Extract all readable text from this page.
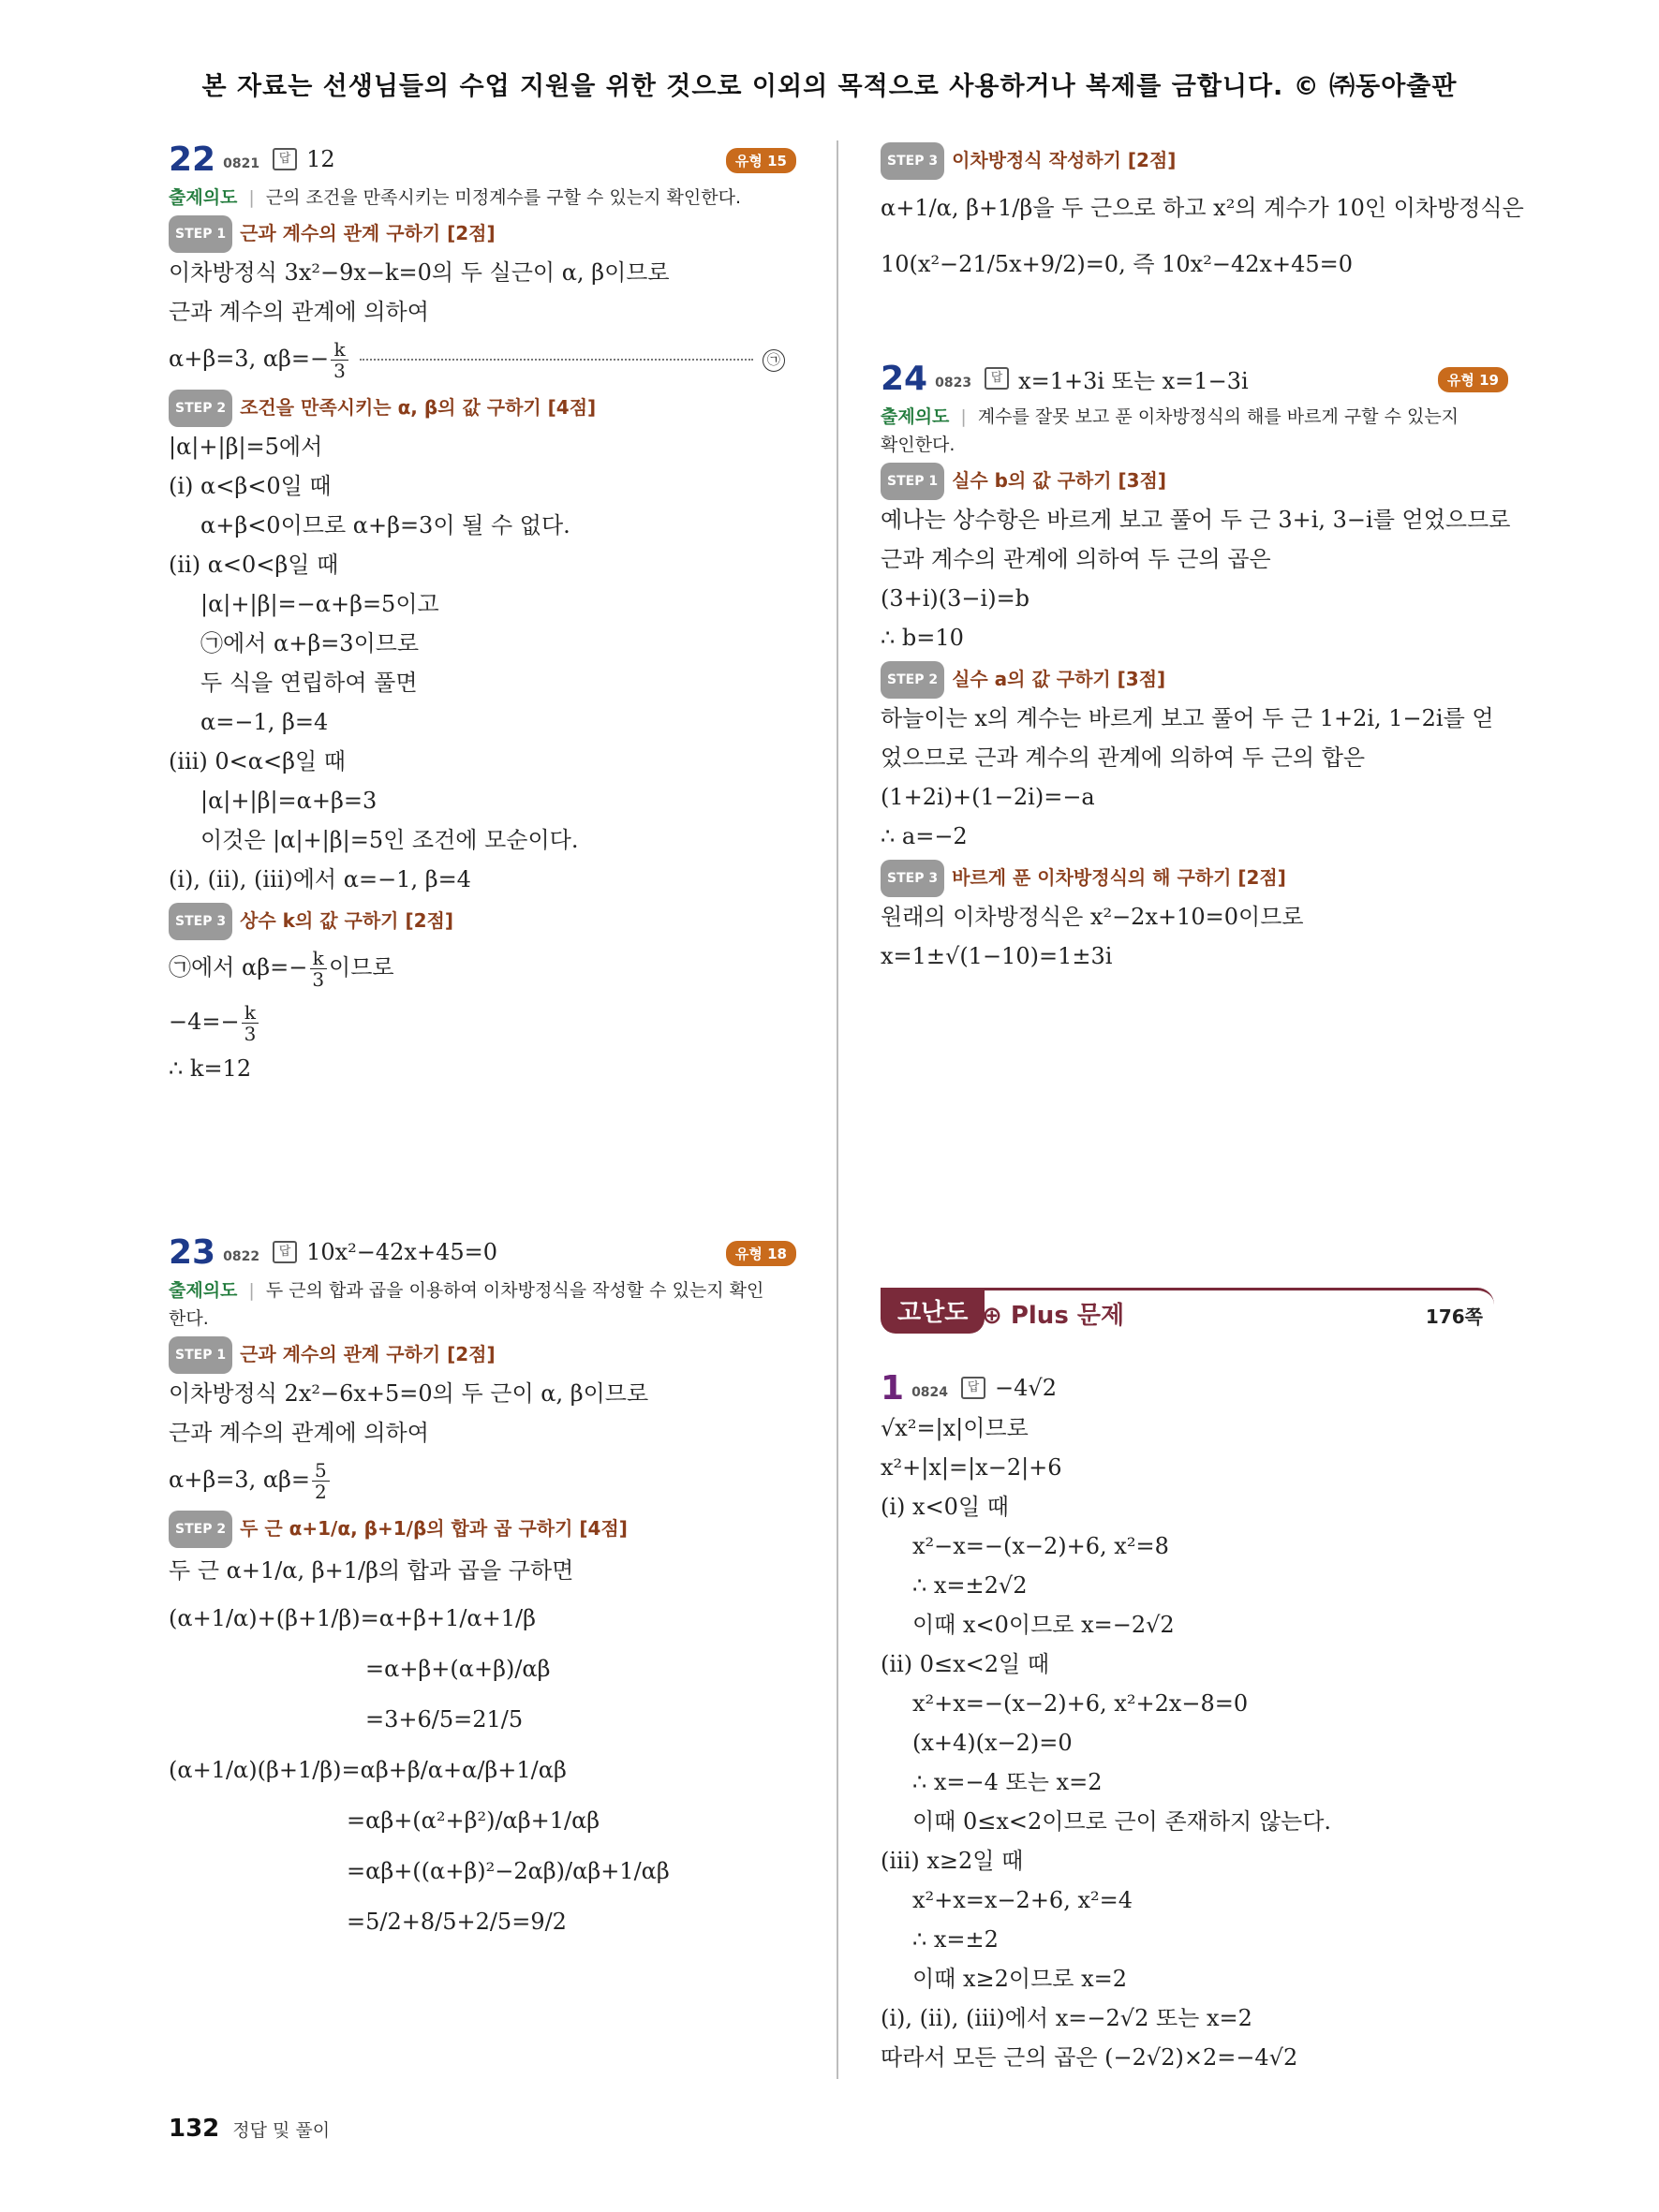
본 자료는 선생님들의 수업 지원을 위한 것으로 이외의 목적으로 사용하거나 복제를 금합니다. © ㈜동아출판
22 0821	답 12	유형 15
출제의도 | 근의 조건을 만족시키는 미정계수를 구할 수 있는지 확인한다.
STEP 1 근과 계수의 관계 구하기 [2점]
이차방정식 3x²−9x−k=0의 두 실근이 α, β이므로
근과 계수의 관계에 의하여
α+β=3, $\alpha\beta=- \frac{k}{3}$	㉠
STEP 2 조건을 만족시키는 α, β의 값 구하기 [4점]
|α|+|β|=5에서
(ⅰ) α<β<0일 때
α+β<0이므로 α+β=3이 될 수 없다.
(ⅱ) α<0<β일 때
|α|+|β|=−α+β=5이고
㉠에서 α+β=3이므로
두 식을 연립하여 풀면
α=−1, β=4
(ⅲ) 0<α<β일 때
|α|+|β|=α+β=3
이것은 |α|+|β|=5인 조건에 모순이다.
(ⅰ), (ⅱ), (ⅲ)에서 α=−1, β=4
STEP 3 상수 k의 값 구하기 [2점]
㉠에서 $\alpha\beta=- \frac{k}{3}$ 이므로
$-4=- \frac{k}{3}$
∴ k=12
23 0822	답 10x²−42x+45=0	유형 18
출제의도 | 두 근의 합과 곱을 이용하여 이차방정식을 작성할 수 있는지 확인
한다.
STEP 1 근과 계수의 관계 구하기 [2점]
이차방정식 2x²−6x+5=0의 두 근이 α, β이므로
근과 계수의 관계에 의하여
α+β=3, $\alpha\beta= \frac{5}{2}$
STEP 2 두 근 α+1/α, β+1/β의 합과 곱 구하기 [4점]
두 근 α+1/α, β+1/β의 합과 곱을 구하면
(α+1/α)+(β+1/β)=α+β+1/α+1/β
=α+β+(α+β)/αβ
=3+6/5=21/5
(α+1/α)(β+1/β)=αβ+β/α+α/β+1/αβ
=αβ+(α²+β²)/αβ+1/αβ
=αβ+((α+β)²−2αβ)/αβ+1/αβ
=5/2+8/5+2/5=9/2
STEP 3 이차방정식 작성하기 [2점]
α+1/α, β+1/β을 두 근으로 하고 x²의 계수가 10인 이차방정식은
10(x²−21/5x+9/2)=0, 즉 10x²−42x+45=0
24 0823	답 x=1+3i 또는 x=1−3i	유형 19
출제의도 | 계수를 잘못 보고 푼 이차방정식의 해를 바르게 구할 수 있는지
확인한다.
STEP 1 실수 b의 값 구하기 [3점]
예나는 상수항은 바르게 보고 풀어 두 근 3+i, 3−i를 얻었으므로
근과 계수의 관계에 의하여 두 근의 곱은
(3+i)(3−i)=b
∴ b=10
STEP 2 실수 a의 값 구하기 [3점]
하늘이는 x의 계수는 바르게 보고 풀어 두 근 1+2i, 1−2i를 얻
었으므로 근과 계수의 관계에 의하여 두 근의 합은
(1+2i)+(1−2i)=−a
∴ a=−2
STEP 3 바르게 푼 이차방정식의 해 구하기 [2점]
원래의 이차방정식은 x²−2x+10=0이므로
x=1±√(1−10)=1±3i
고난도 ⊕ Plus 문제	176쪽
1 0824	답 −4√2
√x²=|x|이므로
x²+|x|=|x−2|+6
(ⅰ) x<0일 때
x²−x=−(x−2)+6, x²=8
∴ x=±2√2
이때 x<0이므로 x=−2√2
(ⅱ) 0≤x<2일 때
x²+x=−(x−2)+6, x²+2x−8=0
(x+4)(x−2)=0
∴ x=−4 또는 x=2
이때 0≤x<2이므로 근이 존재하지 않는다.
(ⅲ) x≥2일 때
x²+x=x−2+6, x²=4
∴ x=±2
이때 x≥2이므로 x=2
(ⅰ), (ⅱ), (ⅲ)에서 x=−2√2 또는 x=2
따라서 모든 근의 곱은 (−2√2)×2=−4√2
132 정답 및 풀이
